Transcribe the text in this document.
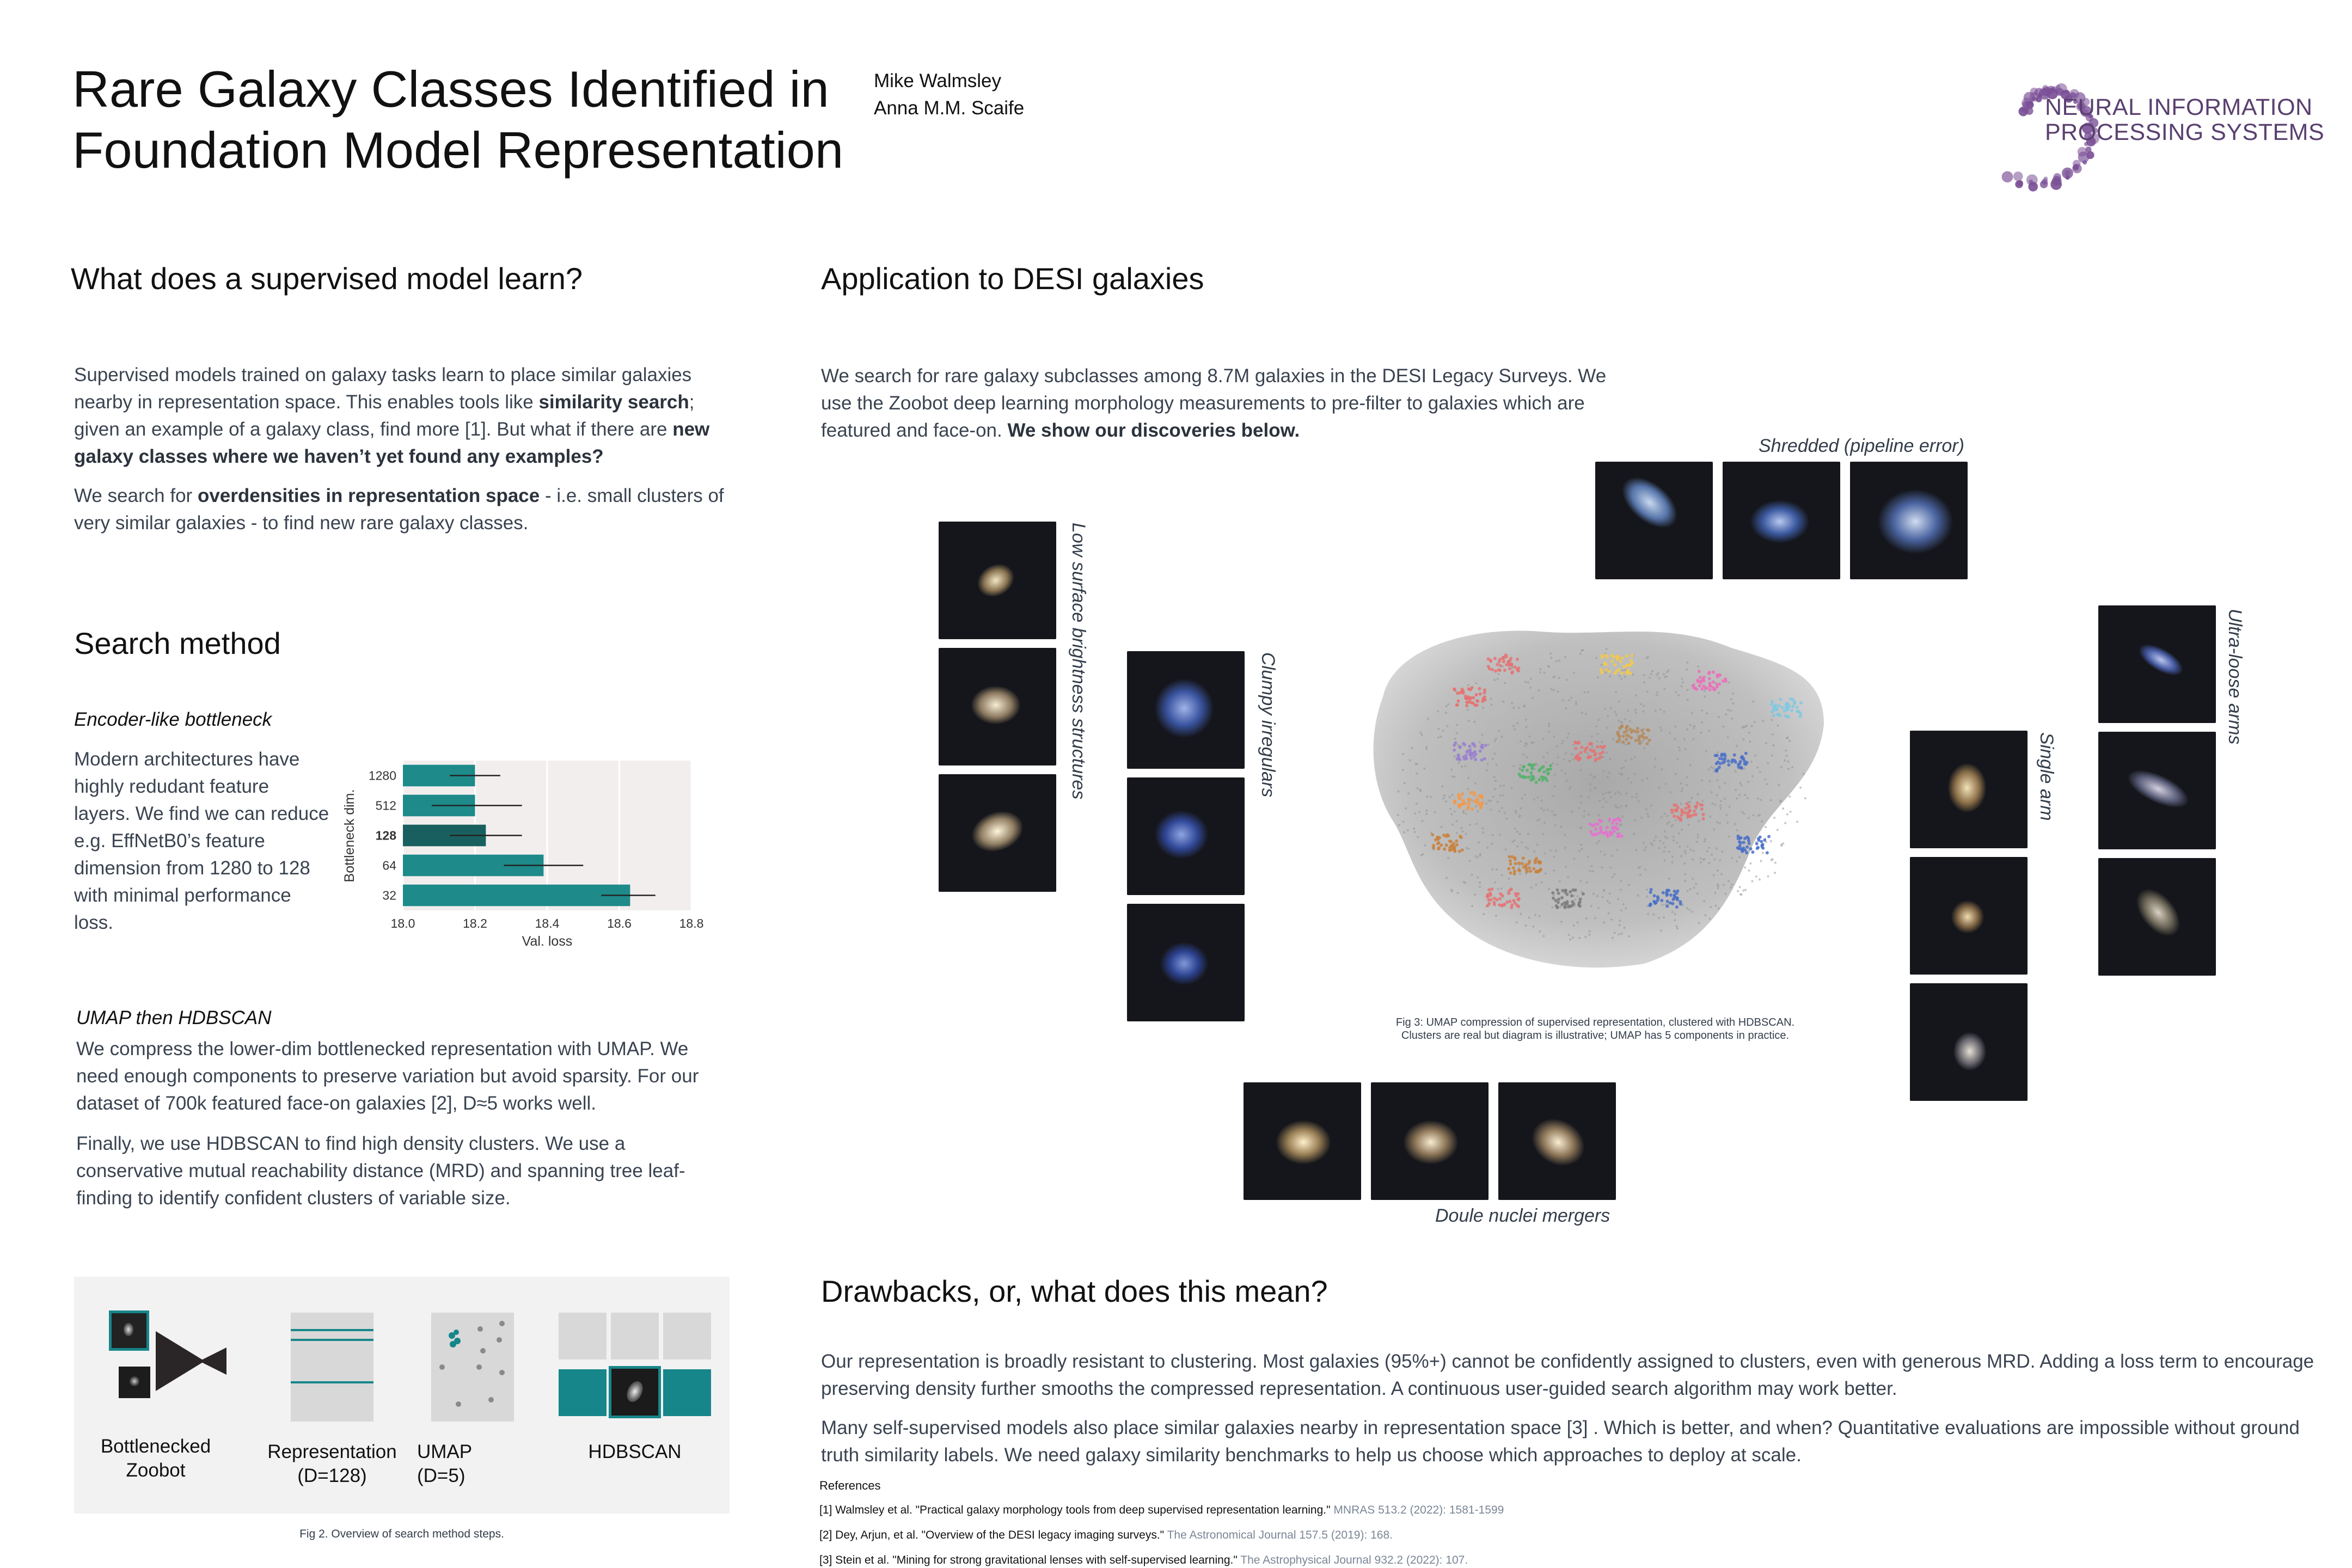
Rare Galaxy Classes Identified in
Foundation Model Representation
Mike Walmsley
Anna M.M. Scaife	NEURAL INFORMATION
PROCESSING SYSTEMS
What does a supervised model learn?

Supervised models trained on galaxy tasks learn to place similar galaxies nearby in representation space. This enables tools like similarity search; given an example of a galaxy class, find more [1]. But what if there are new galaxy classes where we haven’t yet found any examples?

We search for overdensities in representation space - i.e. small clusters of very similar galaxies - to find new rare galaxy classes.

Search method
Encoder-like bottleneck

Modern architectures have highly redudant feature layers. We find we can reduce e.g. EffNetB0’s feature dimension from 1280 to 128 with minimal performance loss.

1280
512
128
64
32
18.0	18.2	18.4	18.6	18.8
Val. loss
Bottleneck dim.
UMAP then HDBSCAN

We compress the lower-dim bottlenecked representation with UMAP. We need enough components to preserve variation but avoid sparsity. For our dataset of 700k featured face-on galaxies [2], D≈5 works well.

Finally, we use HDBSCAN to find high density clusters. We use a conservative mutual reachability distance (MRD) and spanning tree leaf-finding to identify confident clusters of variable size.

Bottlenecked
Zoobot
Representation
(D=128)
UMAP
(D=5)
HDBSCAN
Fig 2. Overview of search method steps.
Application to DESI galaxies

We search for rare galaxy subclasses among 8.7M galaxies in the DESI Legacy Surveys. We use the Zoobot deep learning morphology measurements to pre-filter to galaxies which are featured and face-on. We show our discoveries below.

Shredded (pipeline error)
Low surface brightness structures	Clumpy irregulars
Fig 3: UMAP compression of supervised representation, clustered with HDBSCAN.
Clusters are real but diagram is illustrative; UMAP has 5 components in practice.
Single arm
Ultra-loose arms
Doule nuclei mergers
Drawbacks, or, what does this mean?

Our representation is broadly resistant to clustering. Most galaxies (95%+) cannot be confidently assigned to clusters, even with generous MRD. Adding a loss term to encourage preserving density further smooths the compressed representation. A continuous user-guided search algorithm may work better.

Many self-supervised models also place similar galaxies nearby in representation space [3] . Which is better, and when? Quantitative evaluations are impossible without ground truth similarity labels. We need galaxy similarity benchmarks to help us choose which approaches to deploy at scale.

References
[1] Walmsley et al. "Practical galaxy morphology tools from deep supervised representation learning." MNRAS 513.2 (2022): 1581-1599
[2] Dey, Arjun, et al. "Overview of the DESI legacy imaging surveys." The Astronomical Journal 157.5 (2019): 168.
[3] Stein et al. "Mining for strong gravitational lenses with self-supervised learning." The Astrophysical Journal 932.2 (2022): 107.
